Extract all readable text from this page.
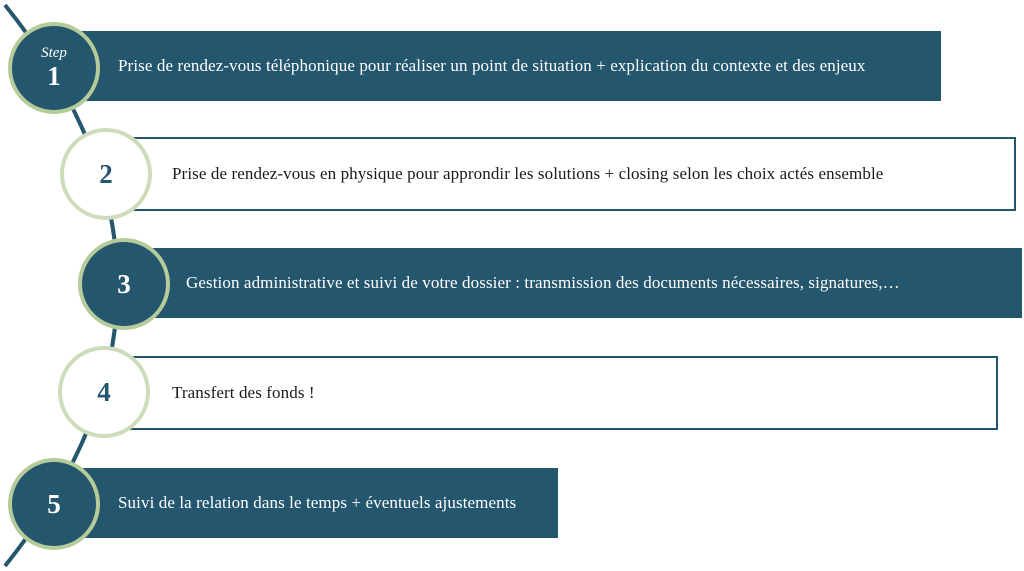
Prise de rendez-vous téléphonique pour réaliser un point de situation + explication du contexte et des enjeux
Step
1
Prise de rendez-vous en physique pour approndir les solutions + closing selon les choix actés ensemble
2
Gestion administrative et suivi de votre dossier : transmission des documents nécessaires, signatures,…
3
Transfert des fonds !
4
Suivi de la relation dans le temps + éventuels ajustements
5
